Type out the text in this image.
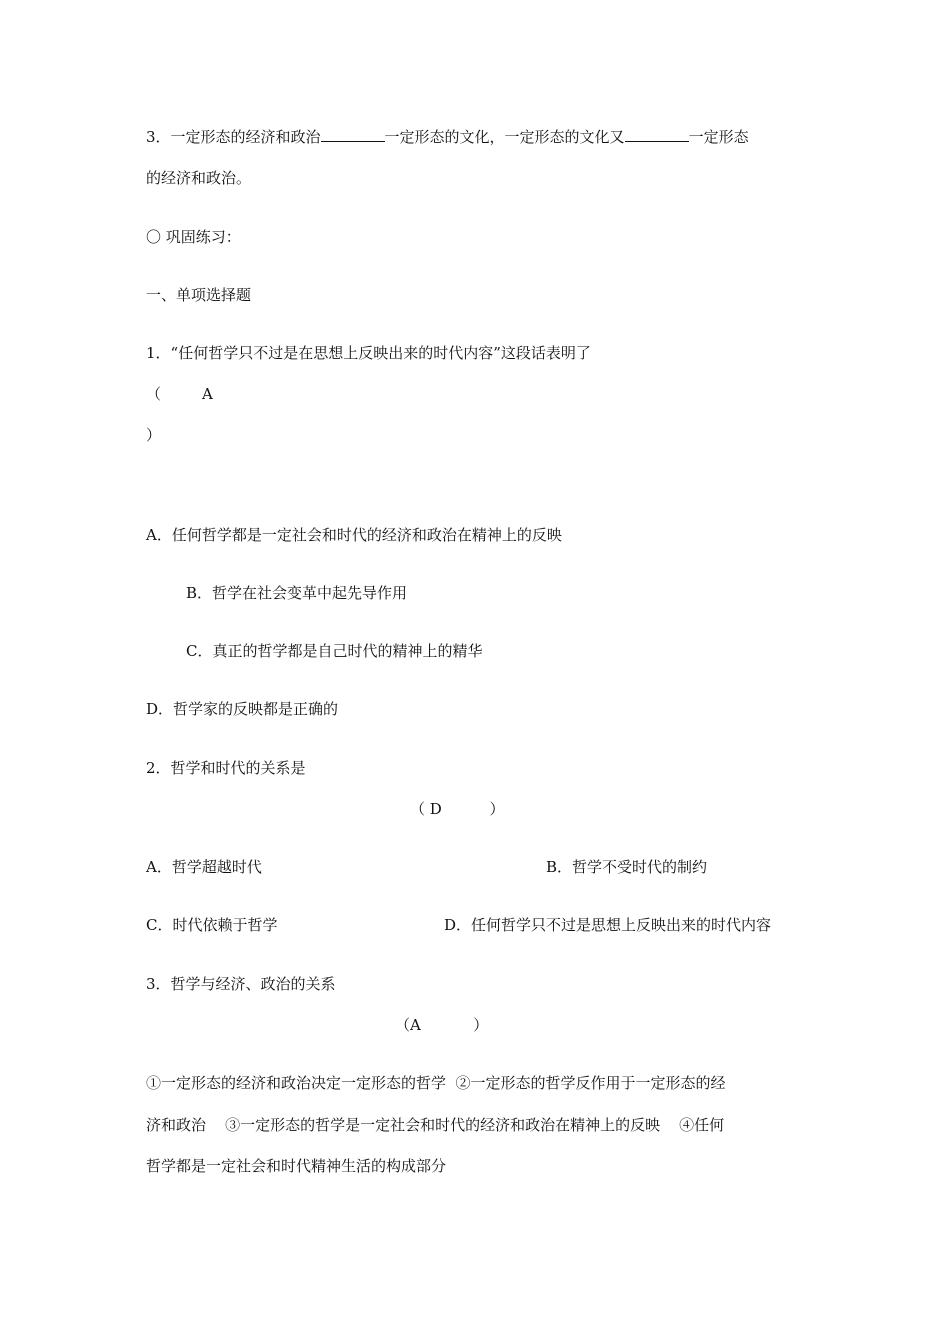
3．一定形态的经济和政治	一定形态的文化，一定形态的文化又	一定形态
的经济和政治。
〇 巩固练习：
一、单项选择题
1．“任何哲学只不过是在思想上反映出来的时代内容”这段话表明了
（	A
）
A．任何哲学都是一定社会和时代的经济和政治在精神上的反映
B．哲学在社会变革中起先导作用
C．真正的哲学都是自己时代的精神上的精华
D．哲学家的反映都是正确的
2．哲学和时代的关系是
（ D          ）
A．哲学超越时代	B．哲学不受时代的制约
C．时代依赖于哲学	D．任何哲学只不过是思想上反映出来的时代内容
3．哲学与经济、政治的关系
（A           ）
①一定形态的经济和政治决定一定形态的哲学  ②一定形态的哲学反作用于一定形态的经
济和政治    ③一定形态的哲学是一定社会和时代的经济和政治在精神上的反映    ④任何
哲学都是一定社会和时代精神生活的构成部分
